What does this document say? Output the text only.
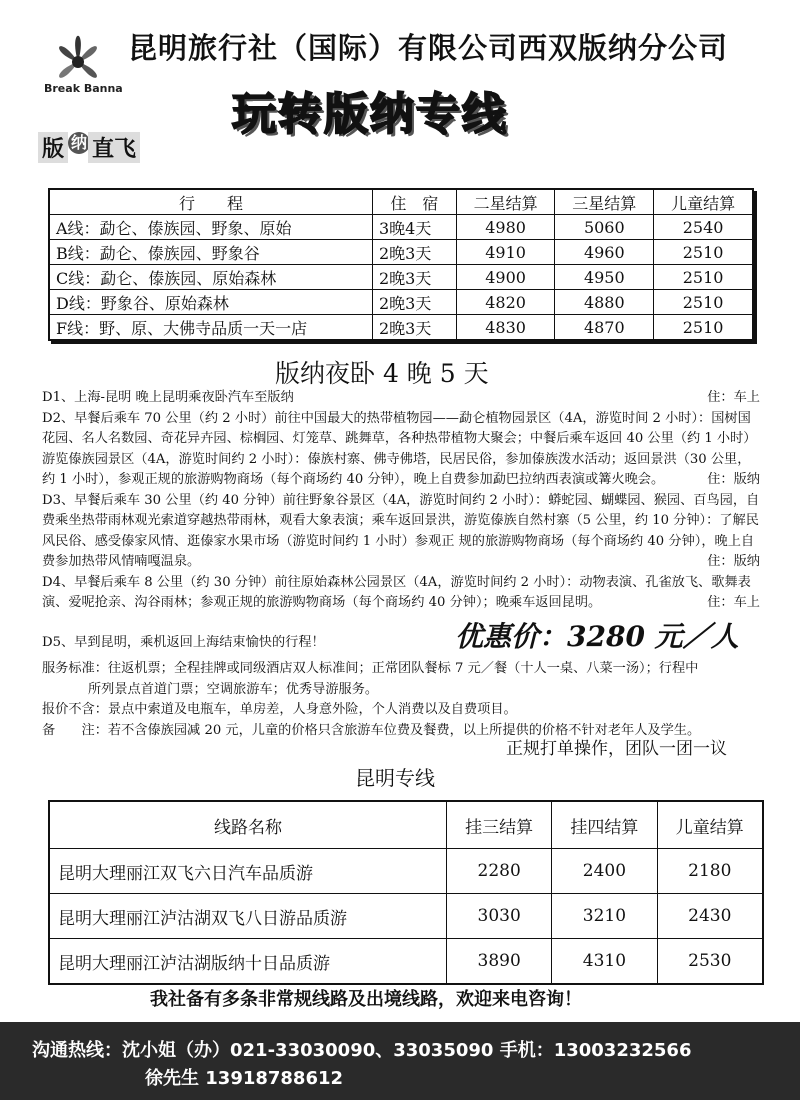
Break Banna
昆明旅行社（国际）有限公司西双版纳分公司
玩转版纳专线
版 纳 直飞
行　　程	住　宿	二星结算	三星结算	儿童结算
A线：勐仑、傣族园、野象、原始	3晚4天	4980	5060	2540
B线：勐仑、傣族园、野象谷	2晚3天	4910	4960	2510
C线：勐仑、傣族园、原始森林	2晚3天	4900	4950	2510
D线：野象谷、原始森林	2晚3天	4820	4880	2510
F线：野、原、大佛寺品质一天一店	2晚3天	4830	4870	2510
版纳夜卧 4 晚 5 天

住：车上
D1、上海-昆明 晚上昆明乘夜卧汽车至版纳

D2、早餐后乘车 70 公里（约 2 小时）前往中国最大的热带植物园——勐仑植物园景区（4A，游览时间 2 小时）：国树国花园、名人名数园、奇花异卉园、棕榈园、灯笼草、跳舞草，各种热带植物大聚会；中餐后乘车返回 40 公里（约 1 小时）游览傣族园景区（4A，游览时间约 2 小时）：傣族村寨、佛寺佛塔，民居民俗，参加傣族泼水活动；返回景洪（30 公里，约 1 小时），参观正规的旅游购物商场（每个商场约 40 分钟），晚上自费参加勐巴拉纳西表演或篝火晚会。	住：版纳

D3、早餐后乘车 30 公里（约 40 分钟）前往野象谷景区（4A，游览时间约 2 小时）：蟒蛇园、蝴蝶园、猴园、百鸟园，自费乘坐热带雨林观光索道穿越热带雨林，观看大象表演；乘车返回景洪，游览傣族自然村寨（5 公里，约 10 分钟）：了解民风民俗、感受傣家风情、逛傣家水果市场（游览时间约 1 小时）参观正 规的旅游购物商场（每个商场约 40 分钟），晚上自费参加热带风情喃嘎温泉。	住：版纳

D4、早餐后乘车 8 公里（约 30 分钟）前往原始森林公园景区（4A，游览时间约 2 小时）：动物表演、孔雀放飞、歌舞表演、爱呢抢亲、沟谷雨林；参观正规的旅游购物商场（每个商场约 40 分钟）；晚乘车返回昆明。	住：车上

D5、早到昆明，乘机返回上海结束愉快的行程！	优惠价：3280 元／人

服务标准：往返机票；全程挂牌或同级酒店双人标准间；正常团队餐标 7 元／餐（十人一桌、八菜一汤）；行程中

所列景点首道门票；空调旅游车；优秀导游服务。

报价不含：景点中索道及电瓶车，单房差，人身意外险，个人消费以及自费项目。

备　　注：若不含傣族园减 20 元，儿童的价格只含旅游车位费及餐费，以上所提供的价格不针对老年人及学生。

正规打单操作，团队一团一议
昆明专线
线路名称	挂三结算	挂四结算	儿童结算
昆明大理丽江双飞六日汽车品质游	2280	2400	2180
昆明大理丽江泸沽湖双飞八日游品质游	3030	3210	2430
昆明大理丽江泸沽湖版纳十日品质游	3890	4310	2530
我社备有多条非常规线路及出境线路，欢迎来电咨询！
沟通热线：沈小姐（办）021-33030090、33035090 手机：13003232566
徐先生 13918788612
